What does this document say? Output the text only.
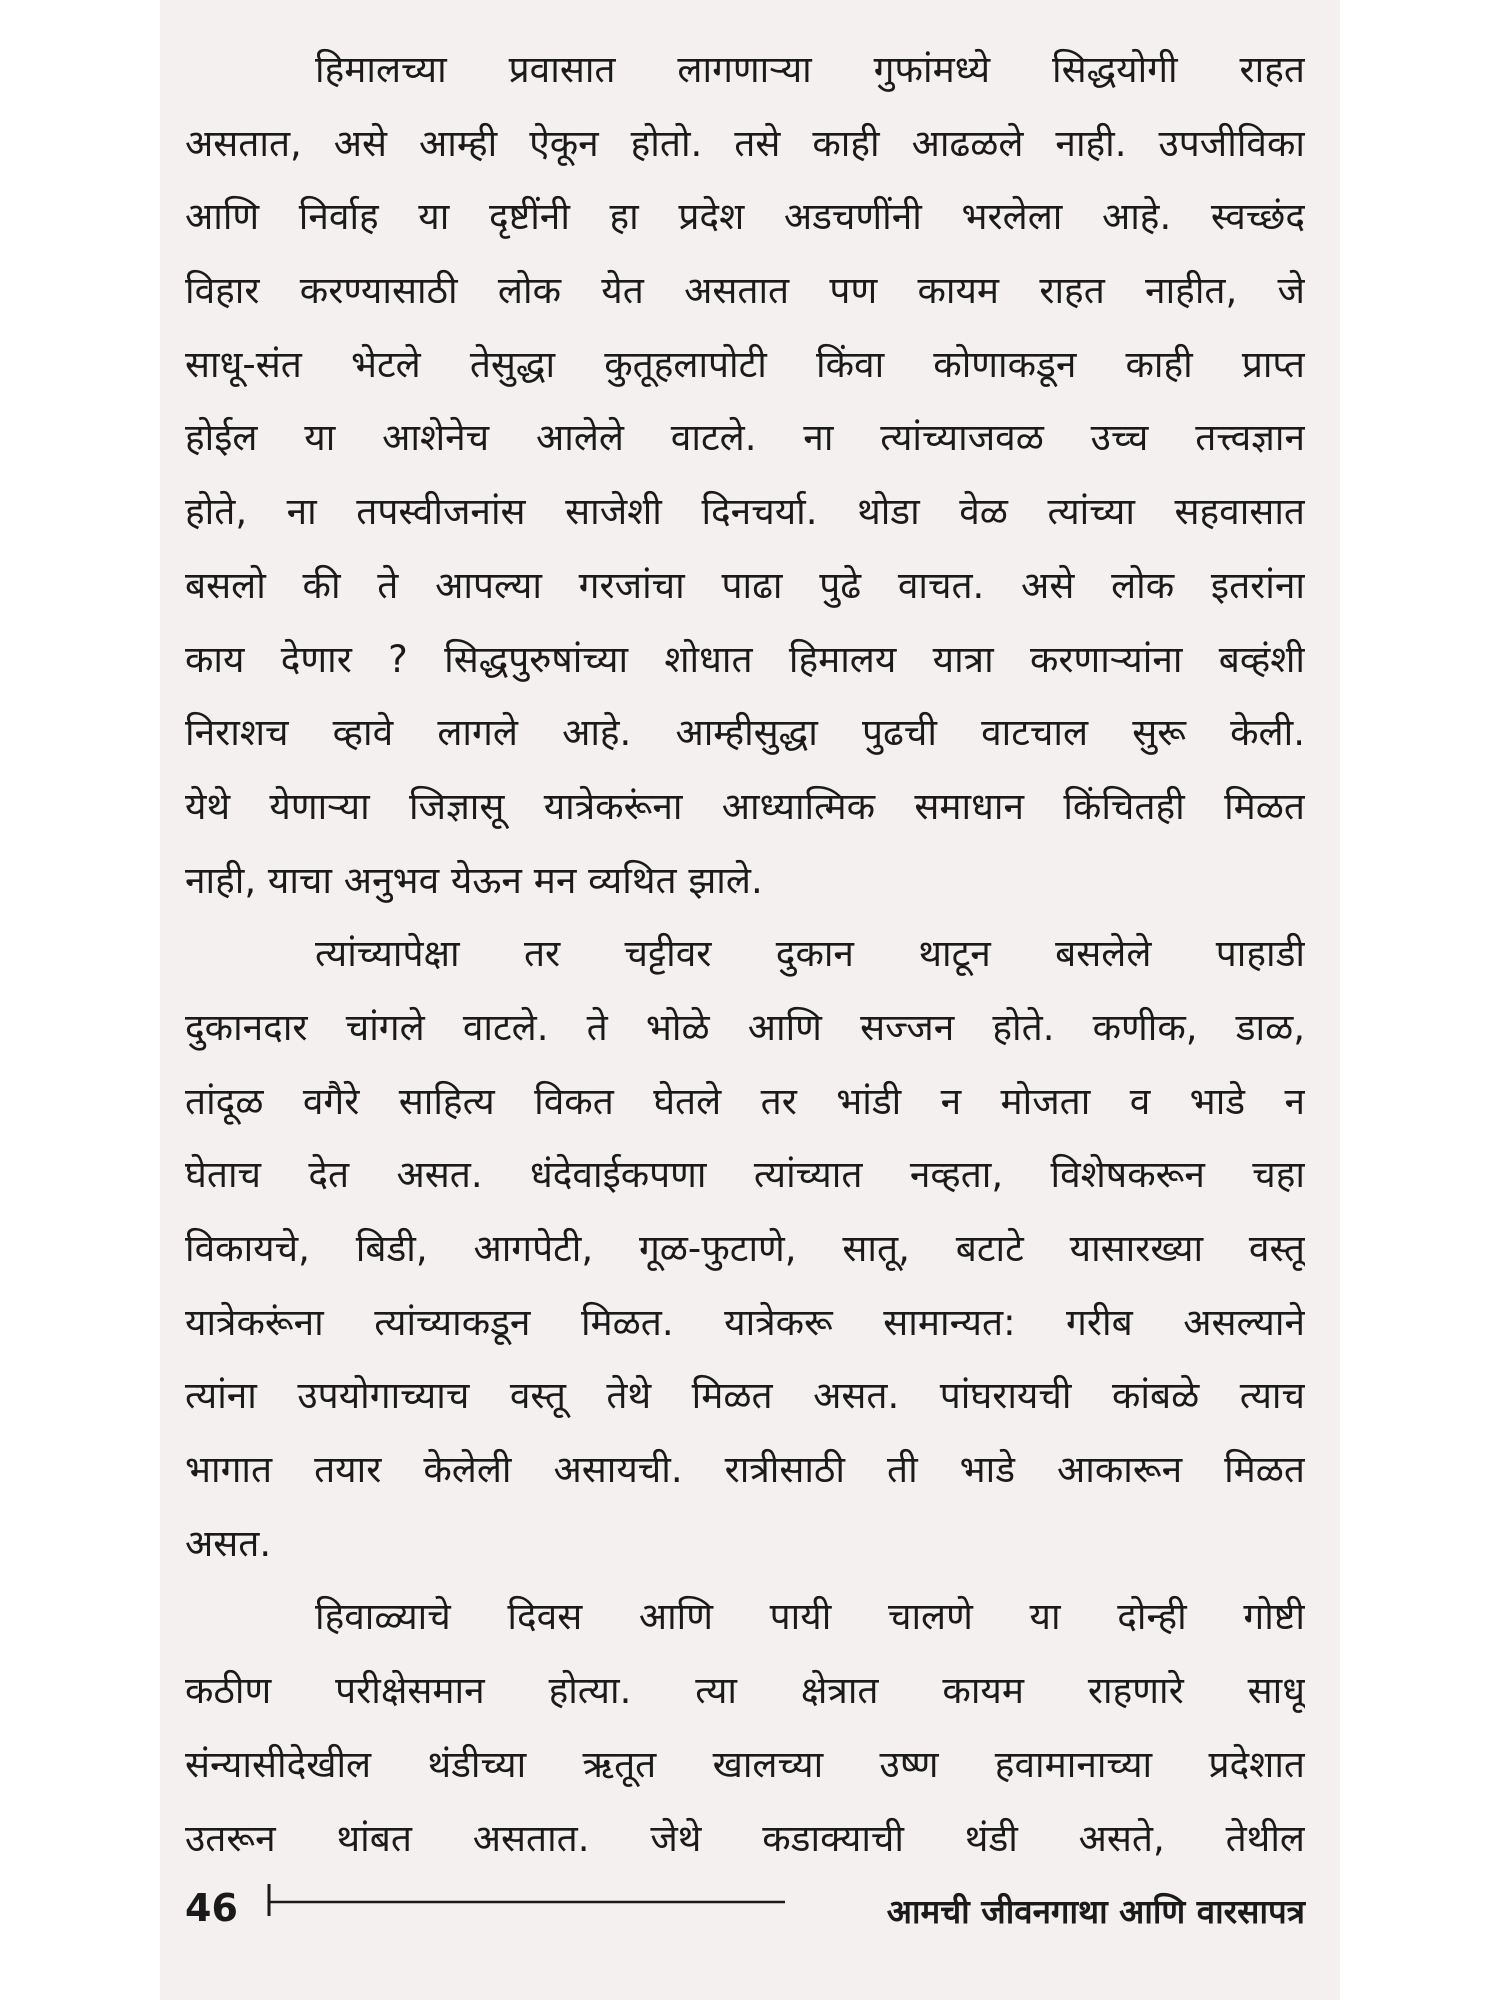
हिमालच्या प्रवासात लागणाऱ्या गुफांमध्ये सिद्धयोगी राहत
असतात, असे आम्ही ऐकून होतो. तसे काही आढळले नाही. उपजीविका
आणि निर्वाह या दृष्टींनी हा प्रदेश अडचणींनी भरलेला आहे. स्वच्छंद
विहार करण्यासाठी लोक येत असतात पण कायम राहत नाहीत, जे
साधू-संत भेटले तेसुद्धा कुतूहलापोटी किंवा कोणाकडून काही प्राप्त
होईल या आशेनेच आलेले वाटले. ना त्यांच्याजवळ उच्च तत्त्वज्ञान
होते, ना तपस्वीजनांस साजेशी दिनचर्या. थोडा वेळ त्यांच्या सहवासात
बसलो की ते आपल्या गरजांचा पाढा पुढे वाचत. असे लोक इतरांना
काय देणार ? सिद्धपुरुषांच्या शोधात हिमालय यात्रा करणाऱ्यांना बव्हंशी
निराशच व्हावे लागले आहे. आम्हीसुद्धा पुढची वाटचाल सुरू केली.
येथे येणाऱ्या जिज्ञासू यात्रेकरूंना आध्यात्मिक समाधान किंचितही मिळत
नाही, याचा अनुभव येऊन मन व्यथित झाले.
त्यांच्यापेक्षा तर चट्टीवर दुकान थाटून बसलेले पाहाडी
दुकानदार चांगले वाटले. ते भोळे आणि सज्जन होते. कणीक, डाळ,
तांदूळ वगैरे साहित्य विकत घेतले तर भांडी न मोजता व भाडे न
घेताच देत असत. धंदेवाईकपणा त्यांच्यात नव्हता, विशेषकरून चहा
विकायचे, बिडी, आगपेटी, गूळ-फुटाणे, सातू, बटाटे यासारख्या वस्तू
यात्रेकरूंना त्यांच्याकडून मिळत. यात्रेकरू सामान्यत: गरीब असल्याने
त्यांना उपयोगाच्याच वस्तू तेथे मिळत असत. पांघरायची कांबळे त्याच
भागात तयार केलेली असायची. रात्रीसाठी ती भाडे आकारून मिळत
असत.
हिवाळ्याचे दिवस आणि पायी चालणे या दोन्ही गोष्टी
कठीण परीक्षेसमान होत्या. त्या क्षेत्रात कायम राहणारे साधू
संन्यासीदेखील थंडीच्या ऋतूत खालच्या उष्ण हवामानाच्या प्रदेशात
उतरून थांबत असतात. जेथे कडाक्याची थंडी असते, तेथील
46	आमची जीवनगाथा आणि वारसापत्र
